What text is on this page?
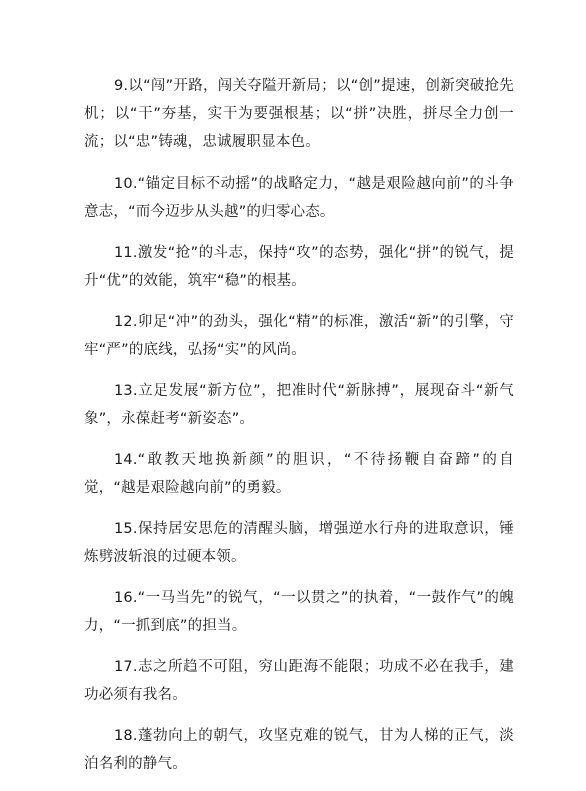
9.以“闯”开路，闯关夺隘开新局；以“创”提速，创新突破抢先机；以“干”夯基，实干为要强根基；以“拼”决胜，拼尽全力创一流；以“忠”铸魂，忠诚履职显本色。

10.“锚定目标不动摇”的战略定力，“越是艰险越向前”的斗争意志，“而今迈步从头越”的归零心态。

11.激发“抢”的斗志，保持“攻”的态势，强化“拼”的锐气，提升“优”的效能，筑牢“稳”的根基。

12.卯足“冲”的劲头，强化“精”的标准，激活“新”的引擎，守牢“严”的底线，弘扬“实”的风尚。

13.立足发展“新方位”，把准时代“新脉搏”，展现奋斗“新气象”，永葆赶考“新姿态”。

14.“敢教天地换新颜”的胆识，“不待扬鞭自奋蹄”的自觉，“越是艰险越向前”的勇毅。

15.保持居安思危的清醒头脑，增强逆水行舟的进取意识，锤炼劈波斩浪的过硬本领。

16.“一马当先”的锐气，“一以贯之”的执着，“一鼓作气”的魄力，“一抓到底”的担当。

17.志之所趋不可阻，穷山距海不能限；功成不必在我手，建功必须有我名。

18.蓬勃向上的朝气，攻坚克难的锐气，甘为人梯的正气，淡泊名利的静气。
